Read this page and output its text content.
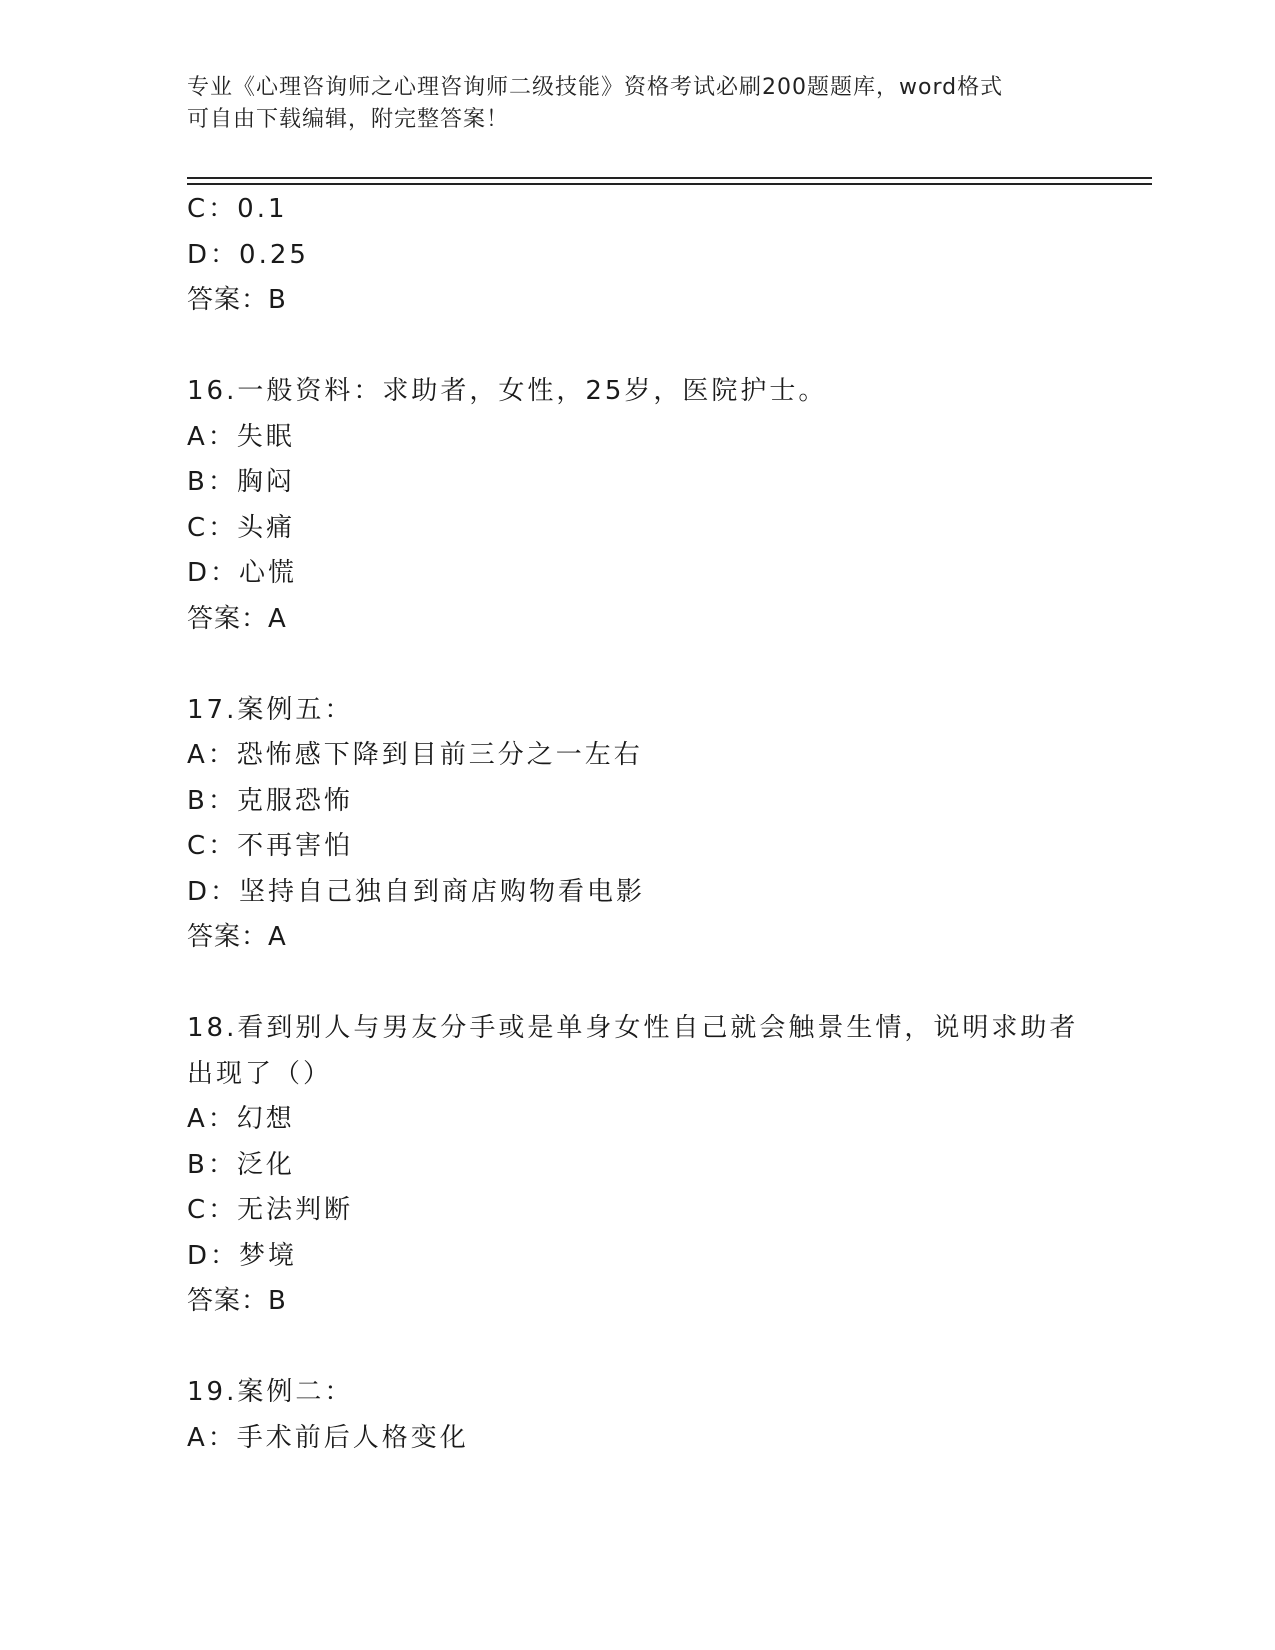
专业《心理咨询师之心理咨询师二级技能》资格考试必刷200题题库，word格式
可自由下载编辑，附完整答案！
C：0.1
D：0.25
答案：B
16.一般资料：求助者，女性，25岁，医院护士。
A：失眠
B：胸闷
C：头痛
D：心慌
答案：A
17.案例五：
A：恐怖感下降到目前三分之一左右
B：克服恐怖
C：不再害怕
D：坚持自己独自到商店购物看电影
答案：A
18.看到别人与男友分手或是单身女性自己就会触景生情，说明求助者
出现了（）
A：幻想
B：泛化
C：无法判断
D：梦境
答案：B
19.案例二：
A：手术前后人格变化
